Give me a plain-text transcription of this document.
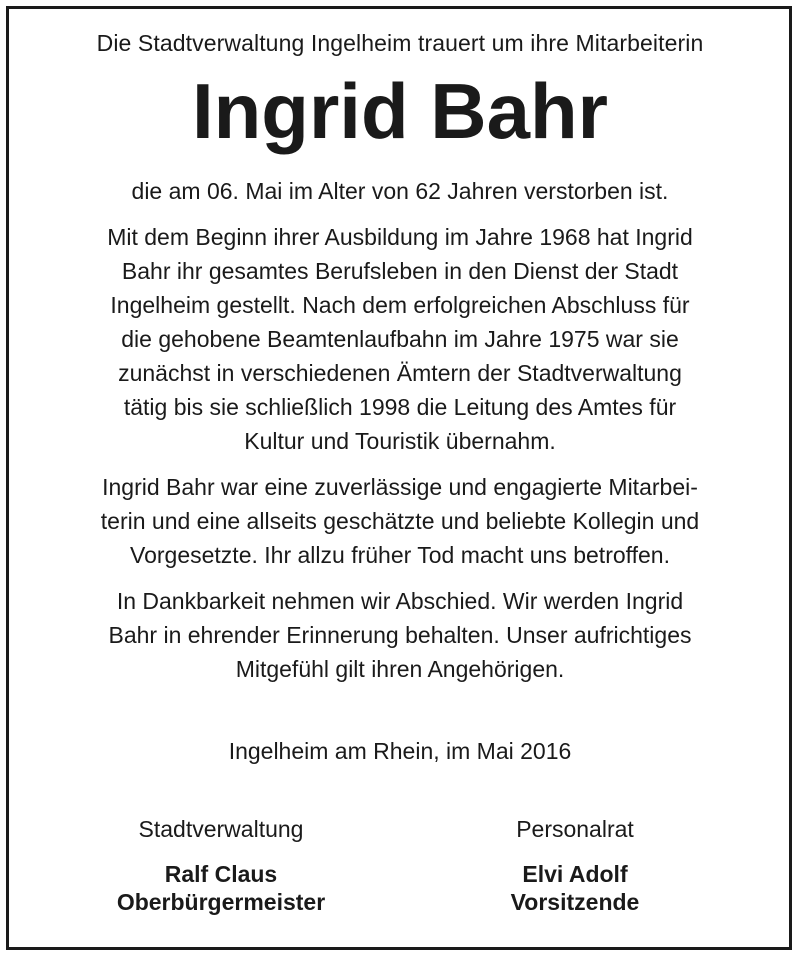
Die Stadtverwaltung Ingelheim trauert um ihre Mitarbeiterin

Ingrid Bahr

die am 06. Mai im Alter von 62 Jahren verstorben ist.

Mit dem Beginn ihrer Ausbildung im Jahre 1968 hat Ingrid
Bahr ihr gesamtes Berufsleben in den Dienst der Stadt
Ingelheim gestellt. Nach dem erfolgreichen Abschluss für
die gehobene Beamtenlaufbahn im Jahre 1975 war sie
zunächst in verschiedenen Ämtern der Stadtverwaltung
tätig bis sie schließlich 1998 die Leitung des Amtes für
Kultur und Touristik übernahm.

Ingrid Bahr war eine zuverlässige und engagierte Mitarbei-
terin und eine allseits geschätzte und beliebte Kollegin und
Vorgesetzte. Ihr allzu früher Tod macht uns betroffen.

In Dankbarkeit nehmen wir Abschied. Wir werden Ingrid
Bahr in ehrender Erinnerung behalten. Unser aufrichtiges
Mitgefühl gilt ihren Angehörigen.

Ingelheim am Rhein, im Mai 2016

Stadtverwaltung
Ralf Claus
Oberbürgermeister
Personalrat
Elvi Adolf
Vorsitzende
